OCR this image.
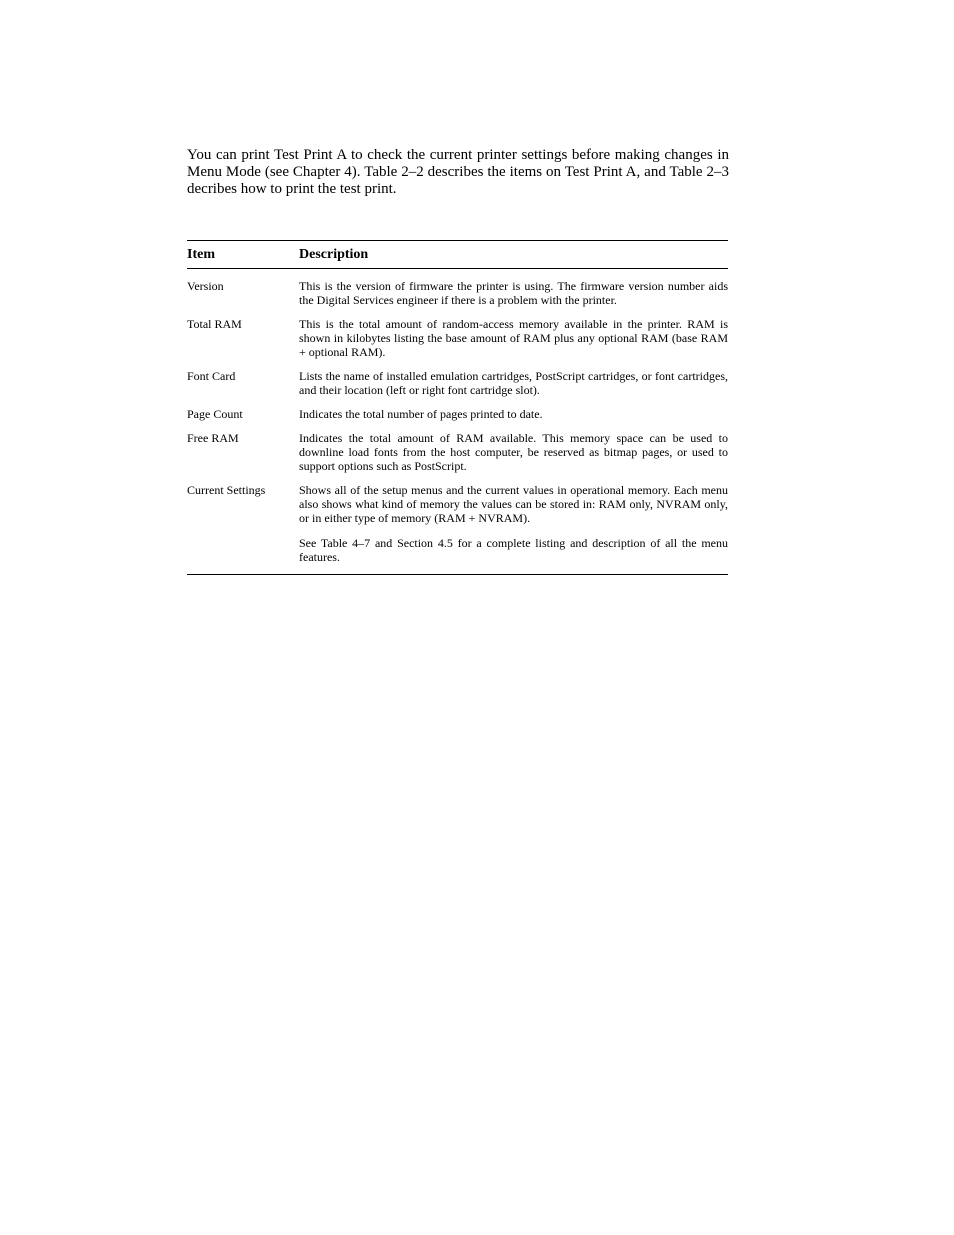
You can print Test Print A to check the current printer settings before making changes in Menu Mode (see Chapter 4). Table 2–2 describes the items on Test Print A, and Table 2–3 decribes how to print the test print.

Item	Description
Version	This is the version of firmware the printer is using. The firmware version number aids the Digital Services engineer if there is a problem with the printer.

Total RAM	This is the total amount of random-access memory available in the printer. RAM is shown in kilobytes listing the base amount of RAM plus any optional RAM (base RAM + optional RAM).

Font Card	Lists the name of installed emulation cartridges, PostScript cartridges, or font cartridges, and their location (left or right font cartridge slot).

Page Count	Indicates the total number of pages printed to date.

Free RAM	Indicates the total amount of RAM available. This memory space can be used to downline load fonts from the host computer, be reserved as bitmap pages, or used to support options such as PostScript.

Current Settings	Shows all of the setup menus and the current values in operational memory. Each menu also shows what kind of memory the values can be stored in: RAM only, NVRAM only, or in either type of memory (RAM + NVRAM).

See Table 4–7 and Section 4.5 for a complete listing and description of all the menu features.
